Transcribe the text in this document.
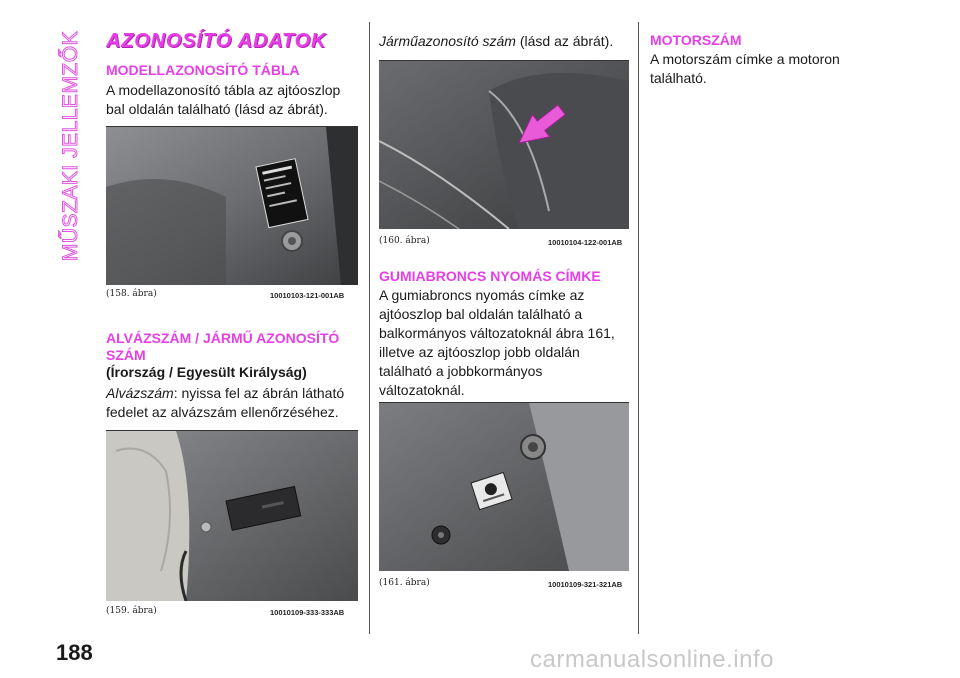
MŰSZAKI JELLEMZŐK
188
AZONOSÍTÓ ADATOK
MODELLAZONOSÍTÓ TÁBLA
A modellazonosító tábla az ajtóoszlop bal oldalán található (lásd az ábrát).
(158. ábra)	10010103-121-001AB
ALVÁZSZÁM / JÁRMŰ AZONOSÍTÓ SZÁM
(Írország / Egyesült Királyság)
Alvázszám: nyissa fel az ábrán látható fedelet az alvázszám ellenőrzéséhez.
(159. ábra)	10010109-333-333AB
Járműazonosító szám (lásd az ábrát).
(160. ábra)	10010104-122-001AB
GUMIABRONCS NYOMÁS CÍMKE
A gumiabroncs nyomás címke az ajtóoszlop bal oldalán található a balkormányos változatoknál ábra 161, illetve az ajtóoszlop jobb oldalán található a jobbkormányos változatoknál.
(161. ábra)	10010109-321-321AB
MOTORSZÁM
A motorszám címke a motoron található.
carmanualsonline.info
